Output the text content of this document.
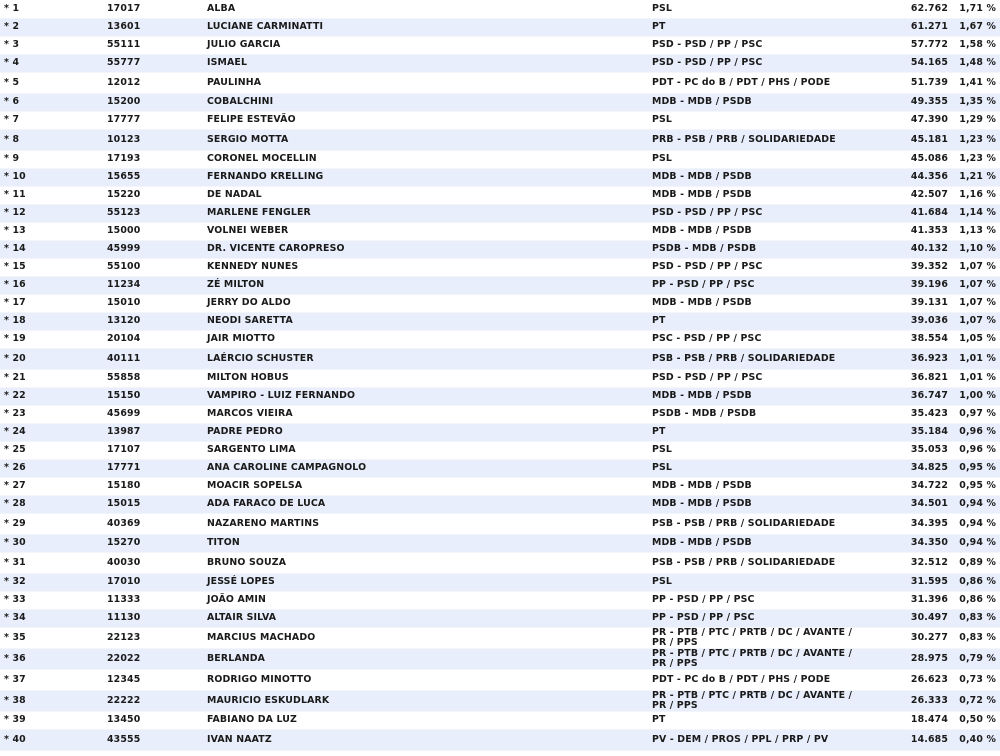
* 1	17017	ALBA	PSL	62.762	1,71 %
* 2	13601	LUCIANE CARMINATTI	PT	61.271	1,67 %
* 3	55111	JULIO GARCIA	PSD - PSD / PP / PSC	57.772	1,58 %
* 4	55777	ISMAEL	PSD - PSD / PP / PSC	54.165	1,48 %
* 5	12012	PAULINHA	PDT - PC do B / PDT / PHS / PODE	51.739	1,41 %
* 6	15200	COBALCHINI	MDB - MDB / PSDB	49.355	1,35 %
* 7	17777	FELIPE ESTEVÃO	PSL	47.390	1,29 %
* 8	10123	SERGIO MOTTA	PRB - PSB / PRB / SOLIDARIEDADE	45.181	1,23 %
* 9	17193	CORONEL MOCELLIN	PSL	45.086	1,23 %
* 10	15655	FERNANDO KRELLING	MDB - MDB / PSDB	44.356	1,21 %
* 11	15220	DE NADAL	MDB - MDB / PSDB	42.507	1,16 %
* 12	55123	MARLENE FENGLER	PSD - PSD / PP / PSC	41.684	1,14 %
* 13	15000	VOLNEI WEBER	MDB - MDB / PSDB	41.353	1,13 %
* 14	45999	DR. VICENTE CAROPRESO	PSDB - MDB / PSDB	40.132	1,10 %
* 15	55100	KENNEDY NUNES	PSD - PSD / PP / PSC	39.352	1,07 %
* 16	11234	ZÉ MILTON	PP - PSD / PP / PSC	39.196	1,07 %
* 17	15010	JERRY DO ALDO	MDB - MDB / PSDB	39.131	1,07 %
* 18	13120	NEODI SARETTA	PT	39.036	1,07 %
* 19	20104	JAIR MIOTTO	PSC - PSD / PP / PSC	38.554	1,05 %
* 20	40111	LAÉRCIO SCHUSTER	PSB - PSB / PRB / SOLIDARIEDADE	36.923	1,01 %
* 21	55858	MILTON HOBUS	PSD - PSD / PP / PSC	36.821	1,01 %
* 22	15150	VAMPIRO - LUIZ FERNANDO	MDB - MDB / PSDB	36.747	1,00 %
* 23	45699	MARCOS VIEIRA	PSDB - MDB / PSDB	35.423	0,97 %
* 24	13987	PADRE PEDRO	PT	35.184	0,96 %
* 25	17107	SARGENTO LIMA	PSL	35.053	0,96 %
* 26	17771	ANA CAROLINE CAMPAGNOLO	PSL	34.825	0,95 %
* 27	15180	MOACIR SOPELSA	MDB - MDB / PSDB	34.722	0,95 %
* 28	15015	ADA FARACO DE LUCA	MDB - MDB / PSDB	34.501	0,94 %
* 29	40369	NAZARENO MARTINS	PSB - PSB / PRB / SOLIDARIEDADE	34.395	0,94 %
* 30	15270	TITON	MDB - MDB / PSDB	34.350	0,94 %
* 31	40030	BRUNO SOUZA	PSB - PSB / PRB / SOLIDARIEDADE	32.512	0,89 %
* 32	17010	JESSÉ LOPES	PSL	31.595	0,86 %
* 33	11333	JOÃO AMIN	PP - PSD / PP / PSC	31.396	0,86 %
* 34	11130	ALTAIR SILVA	PP - PSD / PP / PSC	30.497	0,83 %
* 35	22123	MARCIUS MACHADO	PR - PTB / PTC / PRTB / DC / AVANTE / PR / PPS	30.277	0,83 %
* 36	22022	BERLANDA	PR - PTB / PTC / PRTB / DC / AVANTE / PR / PPS	28.975	0,79 %
* 37	12345	RODRIGO MINOTTO	PDT - PC do B / PDT / PHS / PODE	26.623	0,73 %
* 38	22222	MAURICIO ESKUDLARK	PR - PTB / PTC / PRTB / DC / AVANTE / PR / PPS	26.333	0,72 %
* 39	13450	FABIANO DA LUZ	PT	18.474	0,50 %
* 40	43555	IVAN NAATZ	PV - DEM / PROS / PPL / PRP / PV	14.685	0,40 %
